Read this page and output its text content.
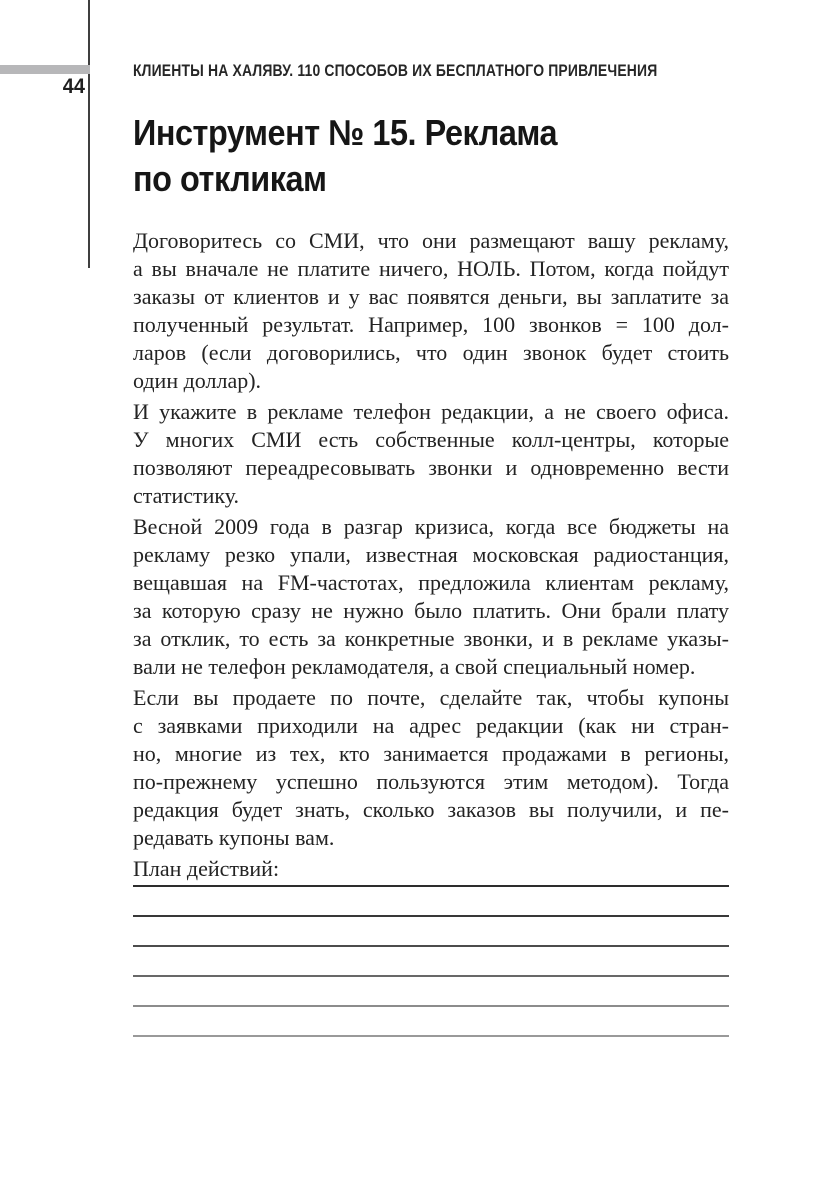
44
КЛИЕНТЫ НА ХАЛЯВУ. 110 СПОСОБОВ ИХ БЕСПЛАТНОГО ПРИВЛЕЧЕНИЯ
Инструмент № 15. Реклама
по откликам
Договоритесь со СМИ, что они размещают вашу рекламу,
а вы вначале не платите ничего, НОЛЬ. Потом, когда пойдут
заказы от клиентов и у вас появятся деньги, вы заплатите за
полученный результат. Например, 100 звонков = 100 дол-
ларов (если договорились, что один звонок будет стоить
один доллар).
И укажите в рекламе телефон редакции, а не своего офиса.
У многих СМИ есть собственные колл-центры, которые
позволяют переадресовывать звонки и одновременно вести
статистику.
Весной 2009 года в разгар кризиса, когда все бюджеты на
рекламу резко упали, известная московская радиостанция,
вещавшая на FM-частотах, предложила клиентам рекламу,
за которую сразу не нужно было платить. Они брали плату
за отклик, то есть за конкретные звонки, и в рекламе указы-
вали не телефон рекламодателя, а свой специальный номер.
Если вы продаете по почте, сделайте так, чтобы купоны
с заявками приходили на адрес редакции (как ни стран-
но, многие из тех, кто занимается продажами в регионы,
по-прежнему успешно пользуются этим методом). Тогда
редакция будет знать, сколько заказов вы получили, и пе-
редавать купоны вам.
План действий:
